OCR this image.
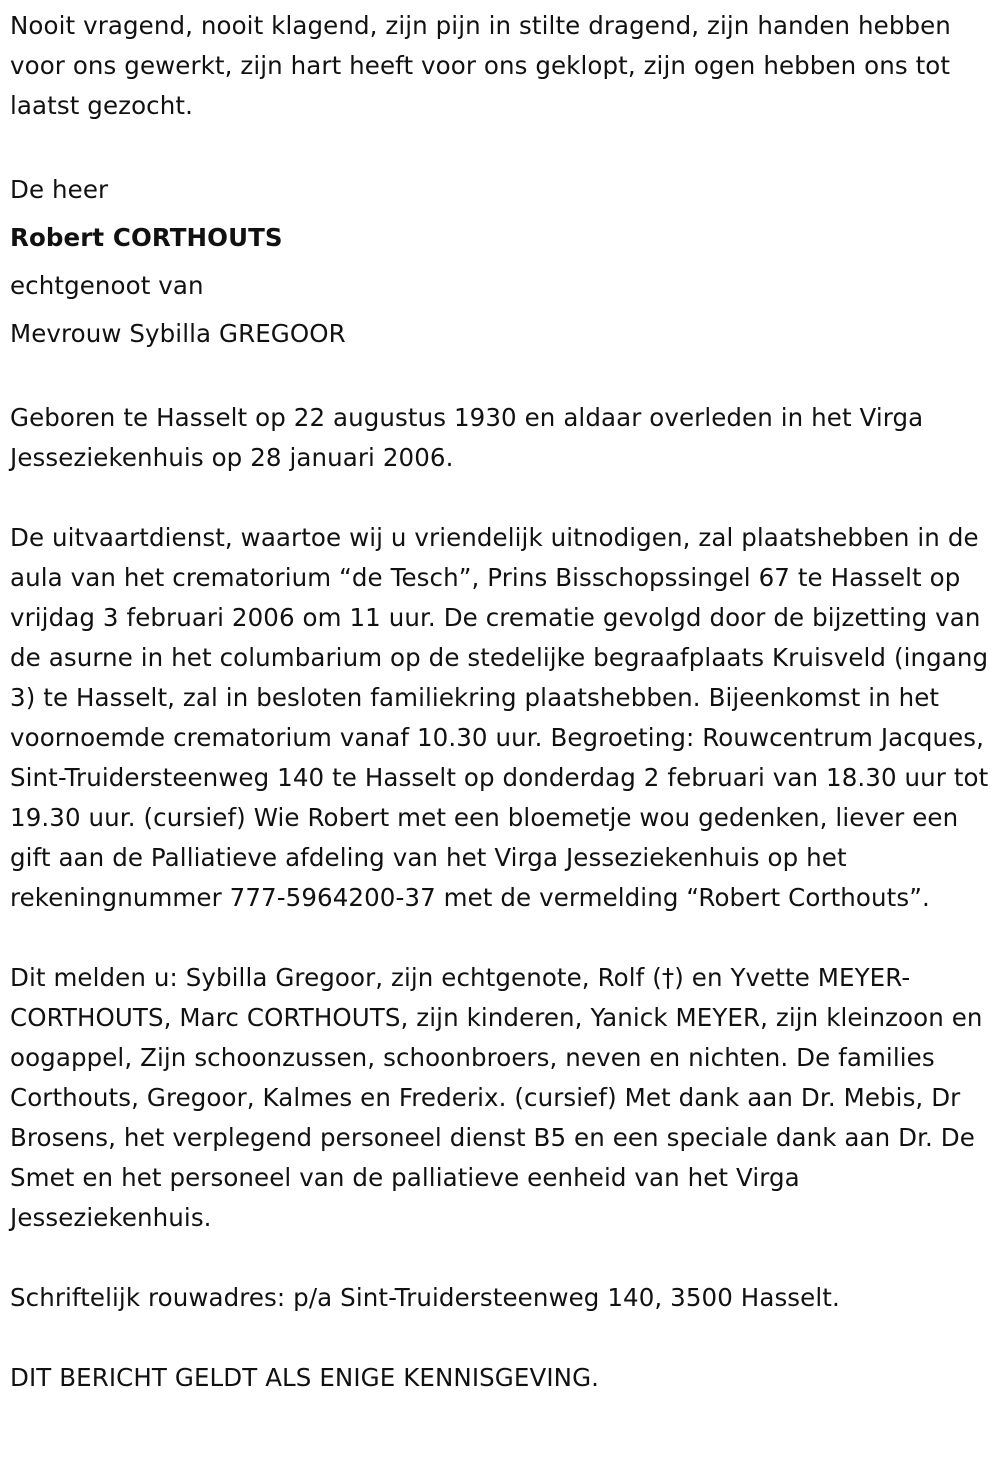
Nooit vragend, nooit klagend, zijn pijn in stilte dragend, zijn handen hebben voor ons gewerkt, zijn hart heeft voor ons geklopt, zijn ogen hebben ons tot laatst gezocht.

De heer

Robert CORTHOUTS

echtgenoot van

Mevrouw Sybilla GREGOOR

Geboren te Hasselt op 22 augustus 1930 en aldaar overleden in het Virga Jesseziekenhuis op 28 januari 2006.

De uitvaartdienst, waartoe wij u vriendelijk uitnodigen, zal plaatshebben in de aula van het crematorium “de Tesch”, Prins Bisschopssingel 67 te Hasselt op vrijdag 3 februari 2006 om 11 uur. De crematie gevolgd door de bijzetting van de asurne in het columbarium op de stedelijke begraafplaats Kruisveld (ingang 3) te Hasselt, zal in besloten familiekring plaatshebben. Bijeenkomst in het voornoemde crematorium vanaf 10.30 uur. Begroeting: Rouwcentrum Jacques, Sint-Truidersteenweg 140 te Hasselt op donderdag 2 februari van 18.30 uur tot 19.30 uur. (cursief) Wie Robert met een bloemetje wou gedenken, liever een gift aan de Palliatieve afdeling van het Virga Jesseziekenhuis op het rekeningnummer 777-5964200-37 met de vermelding “Robert Corthouts”.

Dit melden u: Sybilla Gregoor, zijn echtgenote, Rolf (†) en Yvette MEYER-CORTHOUTS, Marc CORTHOUTS, zijn kinderen, Yanick MEYER, zijn kleinzoon en oogappel, Zijn schoonzussen, schoonbroers, neven en nichten. De families Corthouts, Gregoor, Kalmes en Frederix. (cursief) Met dank aan Dr. Mebis, Dr Brosens, het verplegend personeel dienst B5 en een speciale dank aan Dr. De Smet en het personeel van de palliatieve eenheid van het Virga Jesseziekenhuis.

Schriftelijk rouwadres: p/a Sint-Truidersteenweg 140, 3500 Hasselt.

DIT BERICHT GELDT ALS ENIGE KENNISGEVING.
